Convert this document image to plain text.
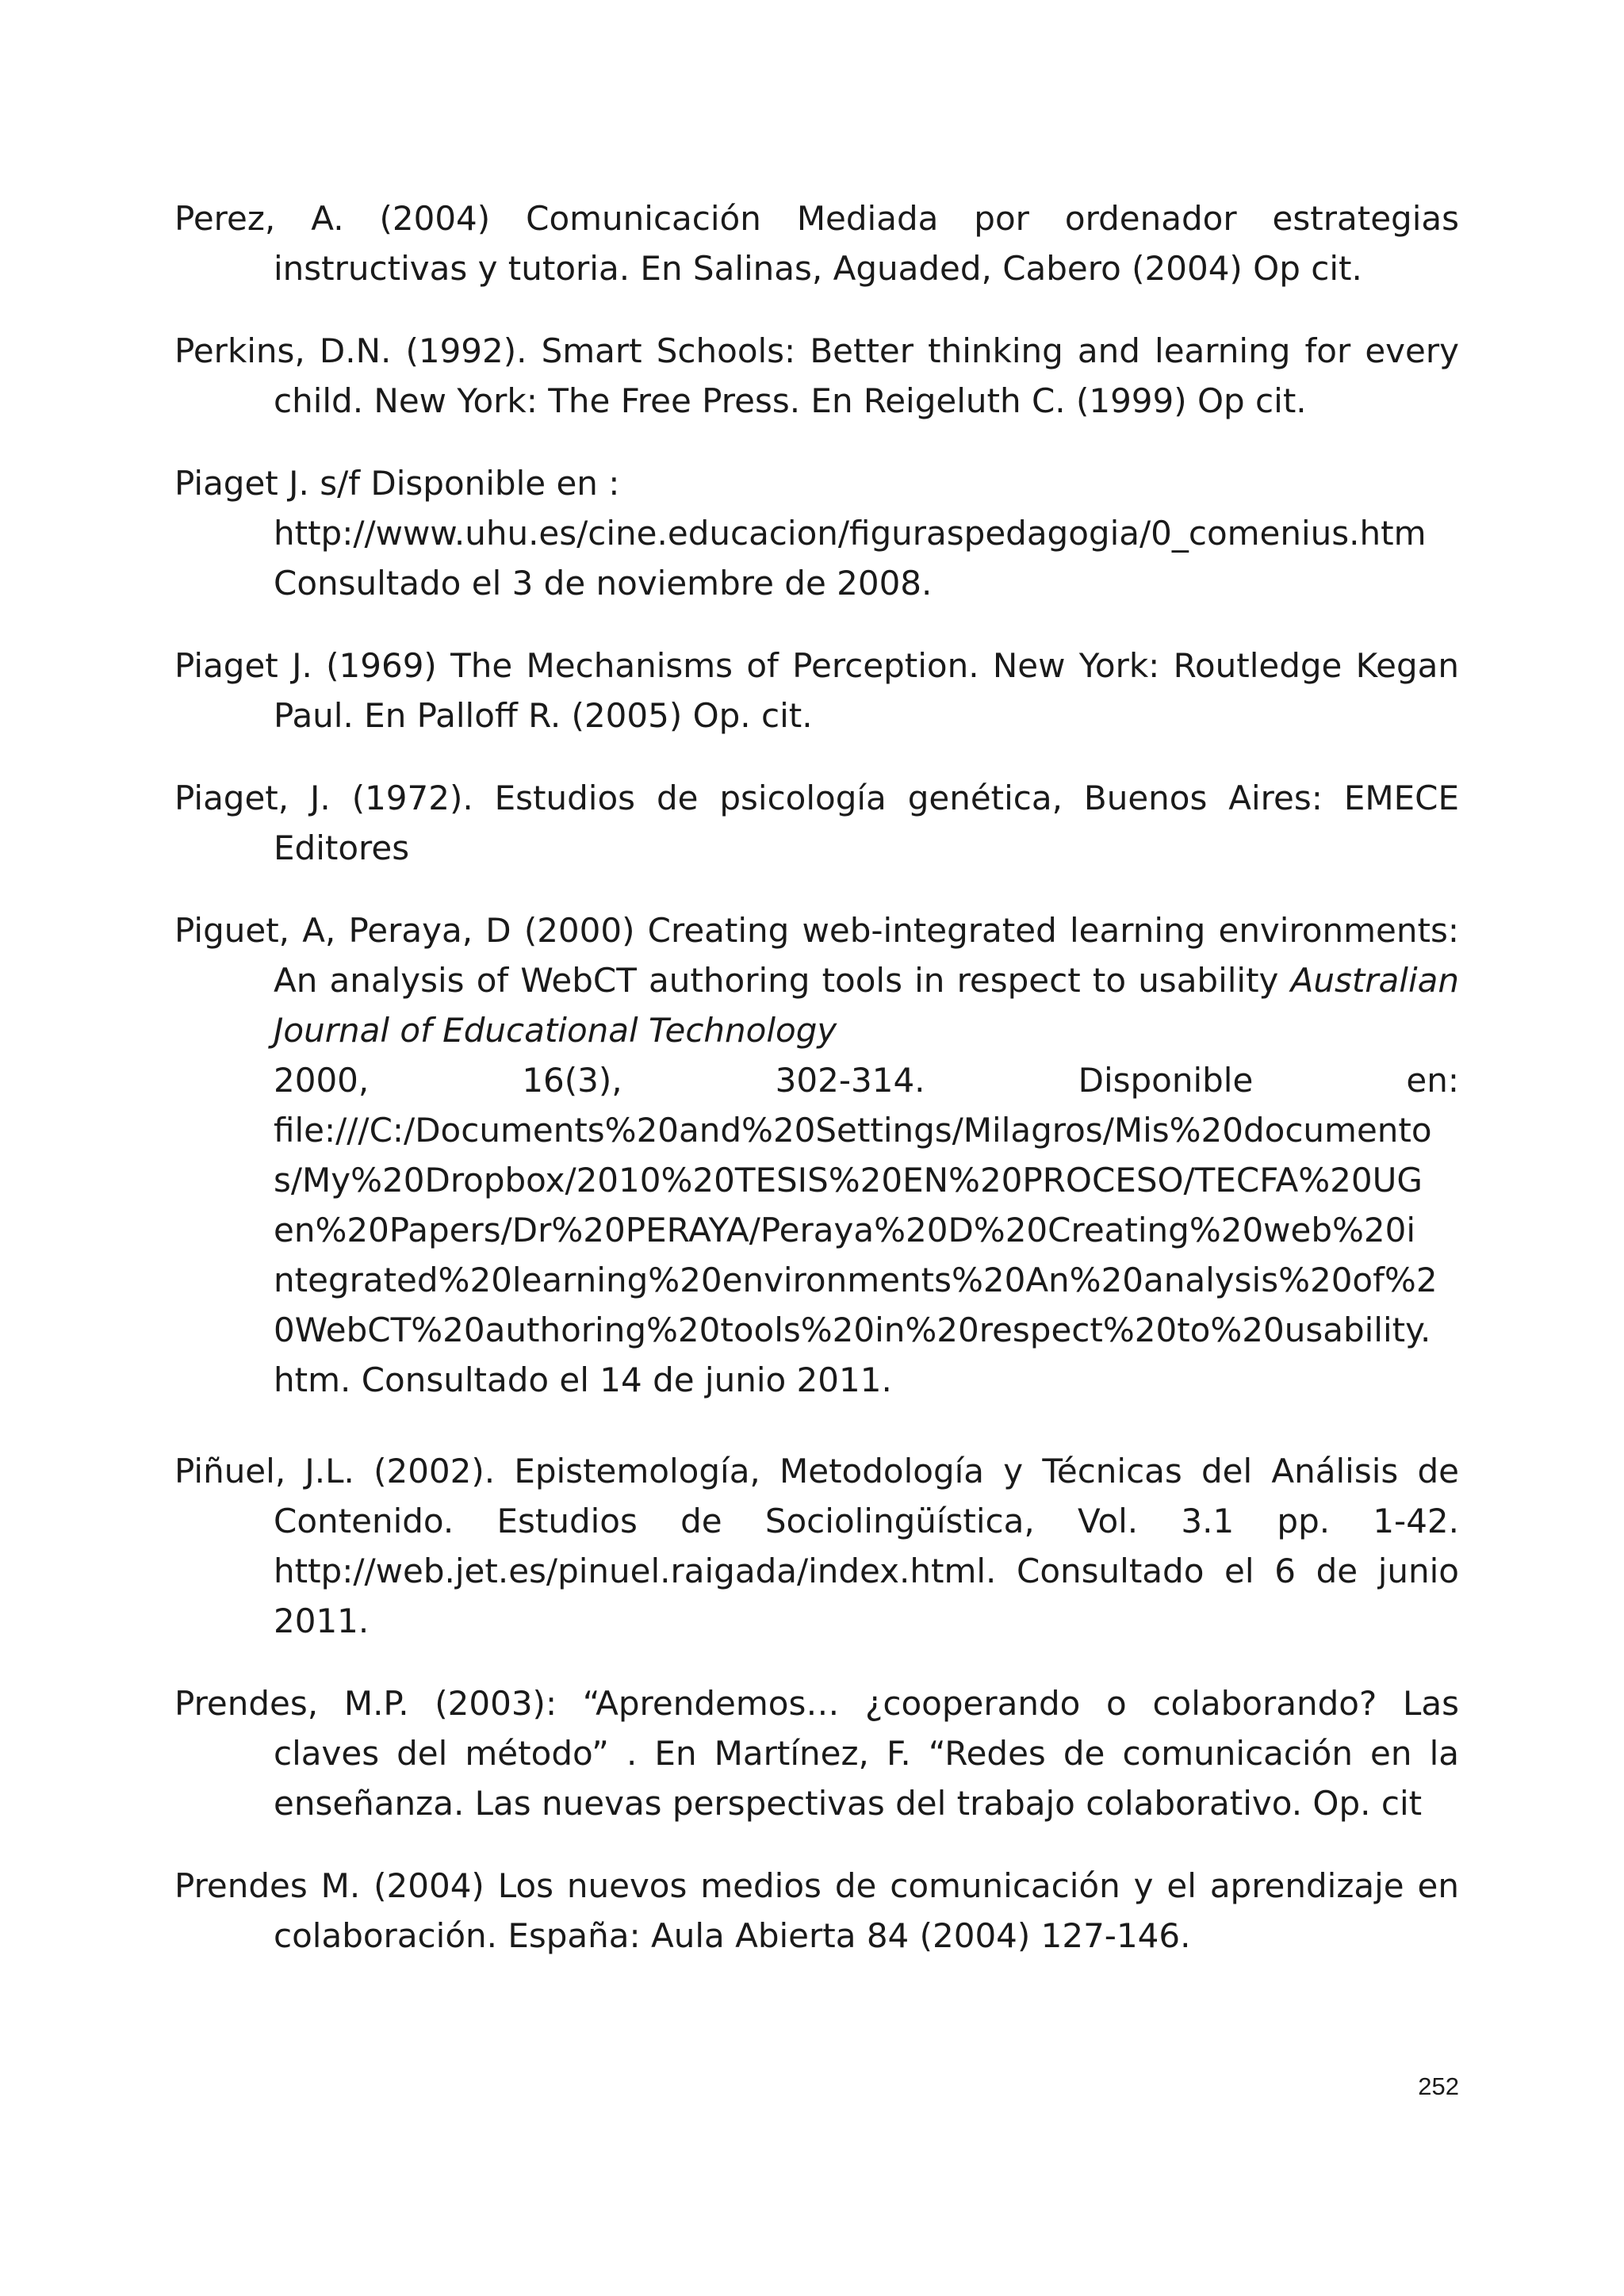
Perez, A. (2004) Comunicación Mediada por ordenador estrategias instructivas y tutoria. En Salinas, Aguaded, Cabero (2004) Op cit.

Perkins, D.N. (1992). Smart Schools: Better thinking and learning for every child. New York: The Free Press. En Reigeluth C. (1999) Op cit.

Piaget J. s/f Disponible en :

http://www.uhu.es/cine.educacion/figuraspedagogia/0_comenius.htm
Consultado el 3 de noviembre de 2008.

Piaget J. (1969) The Mechanisms of Perception. New York: Routledge Kegan Paul. En Palloff R. (2005) Op. cit.

Piaget, J. (1972). Estudios de psicología genética, Buenos Aires: EMECE Editores

Piguet, A, Peraya, D (2000) Creating web-integrated learning environments: An analysis of WebCT authoring tools in respect to usability Australian Journal of Educational Technology
2000, 16(3), 302-314. Disponible en:
file:///C:/Documents%20and%20Settings/Milagros/Mis%20documento
s/My%20Dropbox/2010%20TESIS%20EN%20PROCESO/TECFA%20UG
en%20Papers/Dr%20PERAYA/Peraya%20D%20Creating%20web%20i
ntegrated%20learning%20environments%20An%20analysis%20of%2
0WebCT%20authoring%20tools%20in%20respect%20to%20usability.
htm. Consultado el 14 de junio 2011.

Piñuel, J.L. (2002). Epistemología, Metodología y Técnicas del Análisis de Contenido. Estudios de Sociolingüística, Vol. 3.1 pp. 1-42. http://web.jet.es/pinuel.raigada/index.html. Consultado el 6 de junio 2011.

Prendes, M.P. (2003): “Aprendemos… ¿cooperando o colaborando? Las claves del método” . En Martínez, F. “Redes de comunicación en la enseñanza. Las nuevas perspectivas del trabajo colaborativo. Op. cit

Prendes M. (2004) Los nuevos medios de comunicación y el aprendizaje en colaboración. España: Aula Abierta 84 (2004) 127-146.

252
